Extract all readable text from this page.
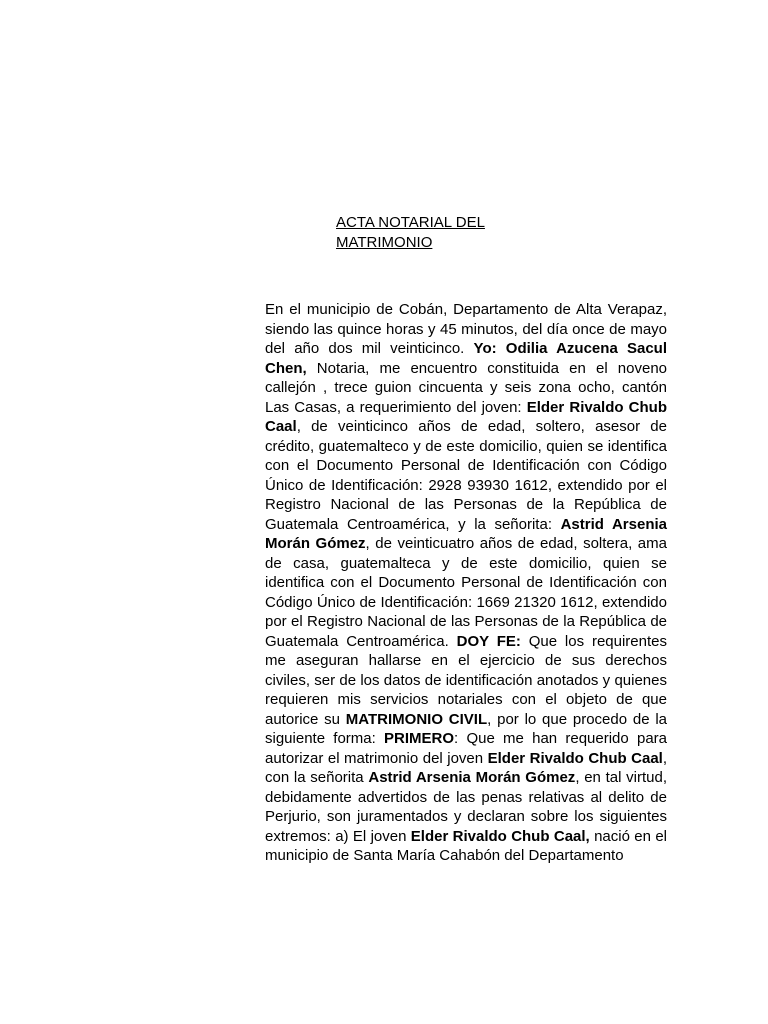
ACTA NOTARIAL DEL
MATRIMONIO

En el municipio de Cobán, Departamento de Alta Verapaz, siendo las quince horas y 45 minutos, del día once de mayo del año dos mil veinticinco. Yo: Odilia Azucena Sacul Chen, Notaria, me encuentro constituida en el noveno callejón , trece guion cincuenta y seis zona ocho, cantón Las Casas, a requerimiento del joven: Elder Rivaldo Chub Caal, de veinticinco años de edad, soltero, asesor de crédito, guatemalteco y de este domicilio, quien se identifica con el Documento Personal de Identificación con Código Único de Identificación: 2928 93930 1612, extendido por el Registro Nacional de las Personas de la República de Guatemala Centroamérica, y la señorita: Astrid Arsenia Morán Gómez, de veinticuatro años de edad, soltera, ama de casa, guatemalteca y de este domicilio, quien se identifica con el Documento Personal de Identificación con Código Único de Identificación: 1669 21320 1612, extendido por el Registro Nacional de las Personas de la República de Guatemala Centroamérica. DOY FE: Que los requirentes me aseguran hallarse en el ejercicio de sus derechos civiles, ser de los datos de identificación anotados y quienes requieren mis servicios notariales con el objeto de que autorice su MATRIMONIO CIVIL, por lo que procedo de la siguiente forma: PRIMERO: Que me han requerido para autorizar el matrimonio del joven Elder Rivaldo Chub Caal, con la señorita Astrid Arsenia Morán Gómez, en tal virtud, debidamente advertidos de las penas relativas al delito de Perjurio, son juramentados y declaran sobre los siguientes extremos: a) El joven Elder Rivaldo Chub Caal, nació en el municipio de Santa María Cahabón del Departamento
